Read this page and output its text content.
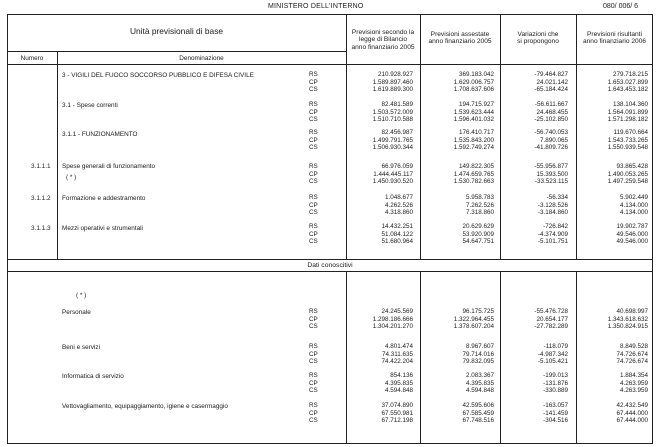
MINISTERO DELL'INTERNO	080/ 006/ 6
Unità previsionali di base
Numero	Denominazione
Previsioni secondo la
legge di Bilancio
anno finanziario 2005
Previsioni assestate
anno finanziario 2005
Variazioni che
si propongono
Previsioni risultanti
anno finanziario 2006
Dati conoscitivi
3 - VIGILI DEL FUOCO SOCCORSO PUBBLICO E DIFESA CIVILE	RS	210.928.927	369.183.042	-79.464.827	279.718.215
CP	1.589.897.460	1.629.006.757	24.021.142	1.653.027.899
CS	1.619.889.300	1.708.637.606	-65.184.424	1.643.453.182
3.1 - Spese correnti	RS	82.481.589	194.715.927	-56.611.667	138.104.360
CP	1.503.572.009	1.539.623.444	24.468.455	1.564.091.899
CS	1.510.710.588	1.596.401.032	-25.102.850	1.571.298.182
3.1.1 - FUNZIONAMENTO	RS	82.456.987	176.410.717	-56.740.053	119.670.664
CP	1.499.791.765	1.535.843.200	7.890.065	1.543.733.265
CS	1.506.930.344	1.592.749.274	-41.809.726	1.550.939.548
3.1.1.1 Spese generali di funzionamento
( * )
RS	66.976.059	149.822.305	-55.956.877	93.865.428
CP	1.444.445.117	1.474.659.765	15.393.500	1.490.053.265
CS	1.450.930.520	1.530.782.663	-33.523.115	1.497.259.548
3.1.1.2 Formazione e addestramento	RS	1.048.677	5.958.783	-56.334	5.902.449
CP	4.262.526	7.262.526	-3.128.526	4.134.000
CS	4.318.860	7.318.860	-3.184.860	4.134.000
3.1.1.3 Mezzi operativi e strumentali	RS	14.432.251	20.629.629	-726.842	19.902.787
CP	51.084.122	53.920.909	-4.374.909	49.546.000
CS	51.680.964	54.647.751	-5.101.751	49.546.000
( * )
Personale	RS	24.245.569	96.175.725	-55.476.728	40.698.997
CP	1.298.186.666	1.322.964.455	20.654.177	1.343.618.632
CS	1.304.201.270	1.378.607.204	-27.782.289	1.350.824.915
Beni e servizi	RS	4.801.474	8.967.607	-118.079	8.849.528
CP	74.311.635	79.714.016	-4.987.342	74.726.674
CS	74.422.204	79.832.095	-5.105.421	74.726.674
Informatica di servizio	RS	854.136	2.083.367	-199.013	1.884.354
CP	4.395.835	4.395.835	-131.876	4.263.959
CS	4.594.848	4.594.848	-330.889	4.263.959
Vettovagliamento, equipaggiamento, igiene e casermaggio	RS	37.074.890	42.595.606	-163.057	42.432.549
CP	67.550.981	67.585.459	-141.459	67.444.000
CS	67.712.198	67.748.516	-304.516	67.444.000
